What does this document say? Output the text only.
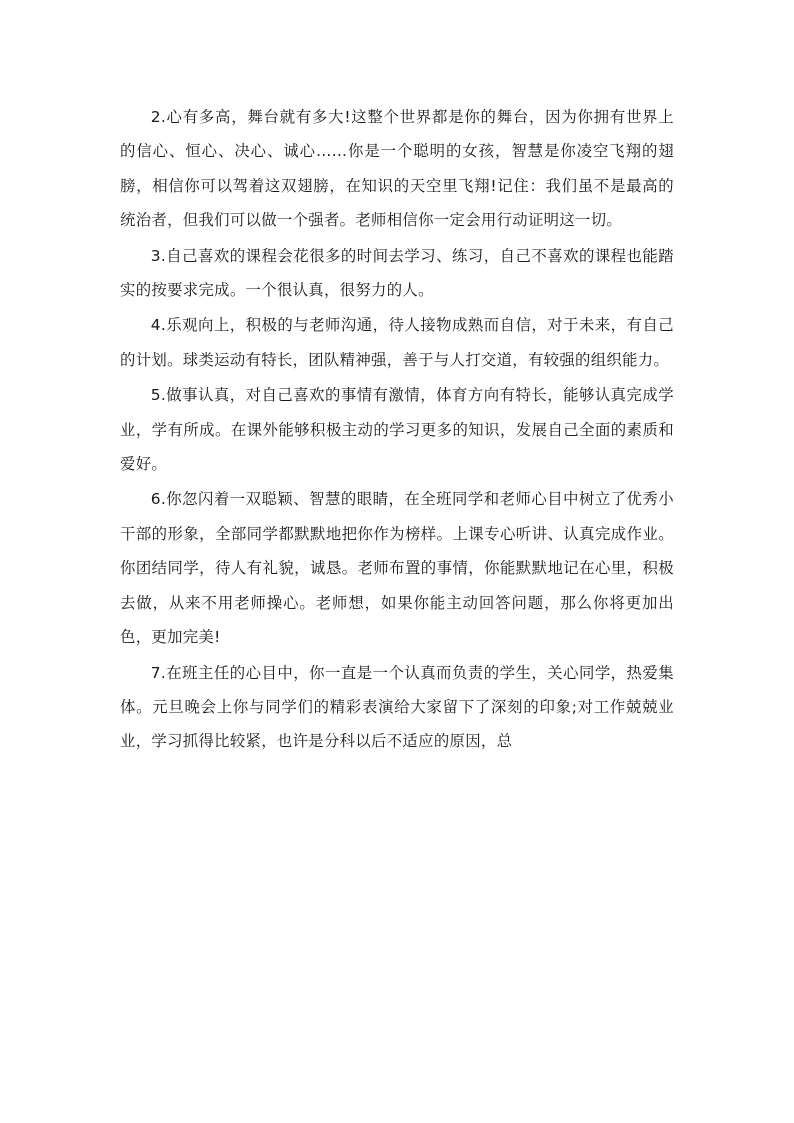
2.心有多高，舞台就有多大!这整个世界都是你的舞台，因为你拥有世界上的信心、恒心、决心、诚心……你是一个聪明的女孩，智慧是你凌空飞翔的翅膀，相信你可以驾着这双翅膀，在知识的天空里飞翔!记住：我们虽不是最高的统治者，但我们可以做一个强者。老师相信你一定会用行动证明这一切。

3.自己喜欢的课程会花很多的时间去学习、练习，自己不喜欢的课程也能踏实的按要求完成。一个很认真，很努力的人。

4.乐观向上，积极的与老师沟通，待人接物成熟而自信，对于未来，有自己的计划。球类运动有特长，团队精神强，善于与人打交道，有较强的组织能力。

5.做事认真，对自己喜欢的事情有激情，体育方向有特长，能够认真完成学业，学有所成。在课外能够积极主动的学习更多的知识，发展自己全面的素质和爱好。

6.你忽闪着一双聪颖、智慧的眼睛，在全班同学和老师心目中树立了优秀小干部的形象，全部同学都默默地把你作为榜样。上课专心听讲、认真完成作业。你团结同学，待人有礼貌，诚恳。老师布置的事情，你能默默地记在心里，积极去做，从来不用老师操心。老师想，如果你能主动回答问题，那么你将更加出色，更加完美!

7.在班主任的心目中，你一直是一个认真而负责的学生，关心同学，热爱集体。元旦晚会上你与同学们的精彩表演给大家留下了深刻的印象;对工作兢兢业业，学习抓得比较紧，也许是分科以后不适应的原因，总
